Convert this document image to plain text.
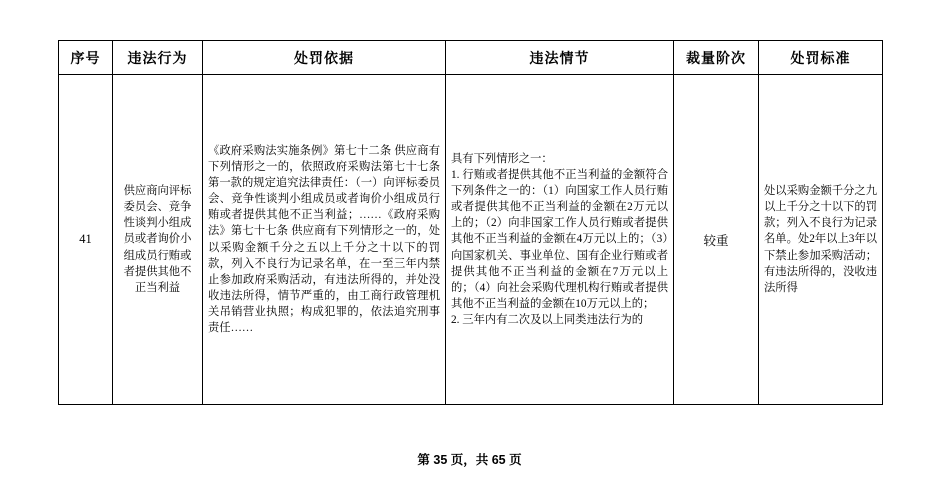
序号	违法行为	处罚依据	违法情节	裁量阶次	处罚标准
41	供应商向评标委员会、竞争性谈判小组成员或者询价小组成员行贿或者提供其他不正当利益	《政府采购法实施条例》第七十二条 供应商有下列情形之一的，依照政府采购法第七十七条第一款的规定追究法律责任：（一）向评标委员会、竞争性谈判小组成员或者询价小组成员行贿或者提供其他不正当利益；……《政府采购法》第七十七条 供应商有下列情形之一的，处以采购金额千分之五以上千分之十以下的罚款，列入不良行为记录名单，在一至三年内禁止参加政府采购活动，有违法所得的，并处没收违法所得，情节严重的，由工商行政管理机关吊销营业执照；构成犯罪的，依法追究刑事责任……	具有下列情形之一：
1. 行贿或者提供其他不正当利益的金额符合下列条件之一的：（1）向国家工作人员行贿或者提供其他不正当利益的金额在2万元以上的；（2）向非国家工作人员行贿或者提供其他不正当利益的金额在4万元以上的；（3）向国家机关、事业单位、国有企业行贿或者提供其他不正当利益的金额在7万元以上的；（4）向社会采购代理机构行贿或者提供其他不正当利益的金额在10万元以上的；
2. 三年内有二次及以上同类违法行为的	较重	处以采购金额千分之九以上千分之十以下的罚款；列入不良行为记录名单。处2年以上3年以下禁止参加采购活动；有违法所得的，没收违法所得
第 35 页，共 65 页
